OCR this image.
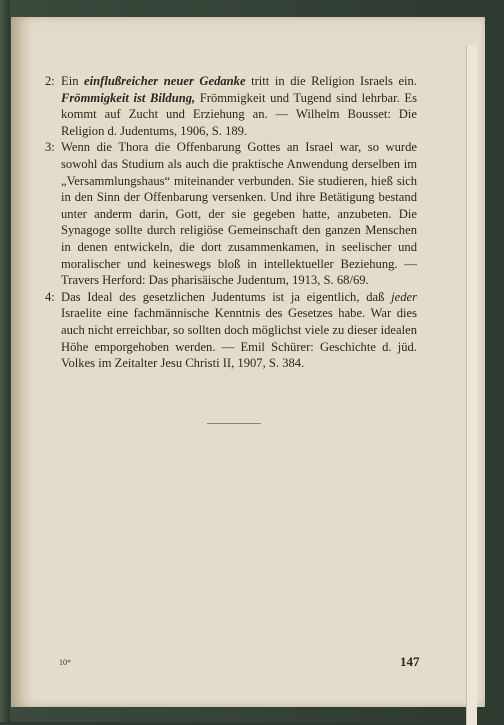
2: Ein einflußreicher neuer Gedanke tritt in die Religion Israels ein. Frömmigkeit ist Bildung, Frömmigkeit und Tugend sind lehrbar. Es kommt auf Zucht und Erziehung an. — Wilhelm Bousset: Die Religion d. Judentums, 1906, S. 189.

3: Wenn die Thora die Offenbarung Gottes an Israel war, so wurde sowohl das Studium als auch die praktische Anwendung derselben im „Versammlungshaus“ miteinander verbunden. Sie studieren, hieß sich in den Sinn der Offenbarung versenken. Und ihre Betätigung bestand unter anderm darin, Gott, der sie gegeben hatte, anzubeten. Die Synagoge sollte durch religiöse Gemeinschaft den ganzen Menschen in denen entwickeln, die dort zusammenkamen, in seelischer und moralischer und keineswegs bloß in intellektueller Beziehung. — Travers Herford: Das pharisäische Judentum, 1913, S. 68/69.

4: Das Ideal des gesetzlichen Judentums ist ja eigentlich, daß jeder Israelite eine fachmännische Kenntnis des Gesetzes habe. War dies auch nicht erreichbar, so sollten doch möglichst viele zu dieser idealen Höhe emporgehoben werden. — Emil Schürer: Geschichte d. jüd. Volkes im Zeitalter Jesu Christi II, 1907, S. 384.

10*	147
